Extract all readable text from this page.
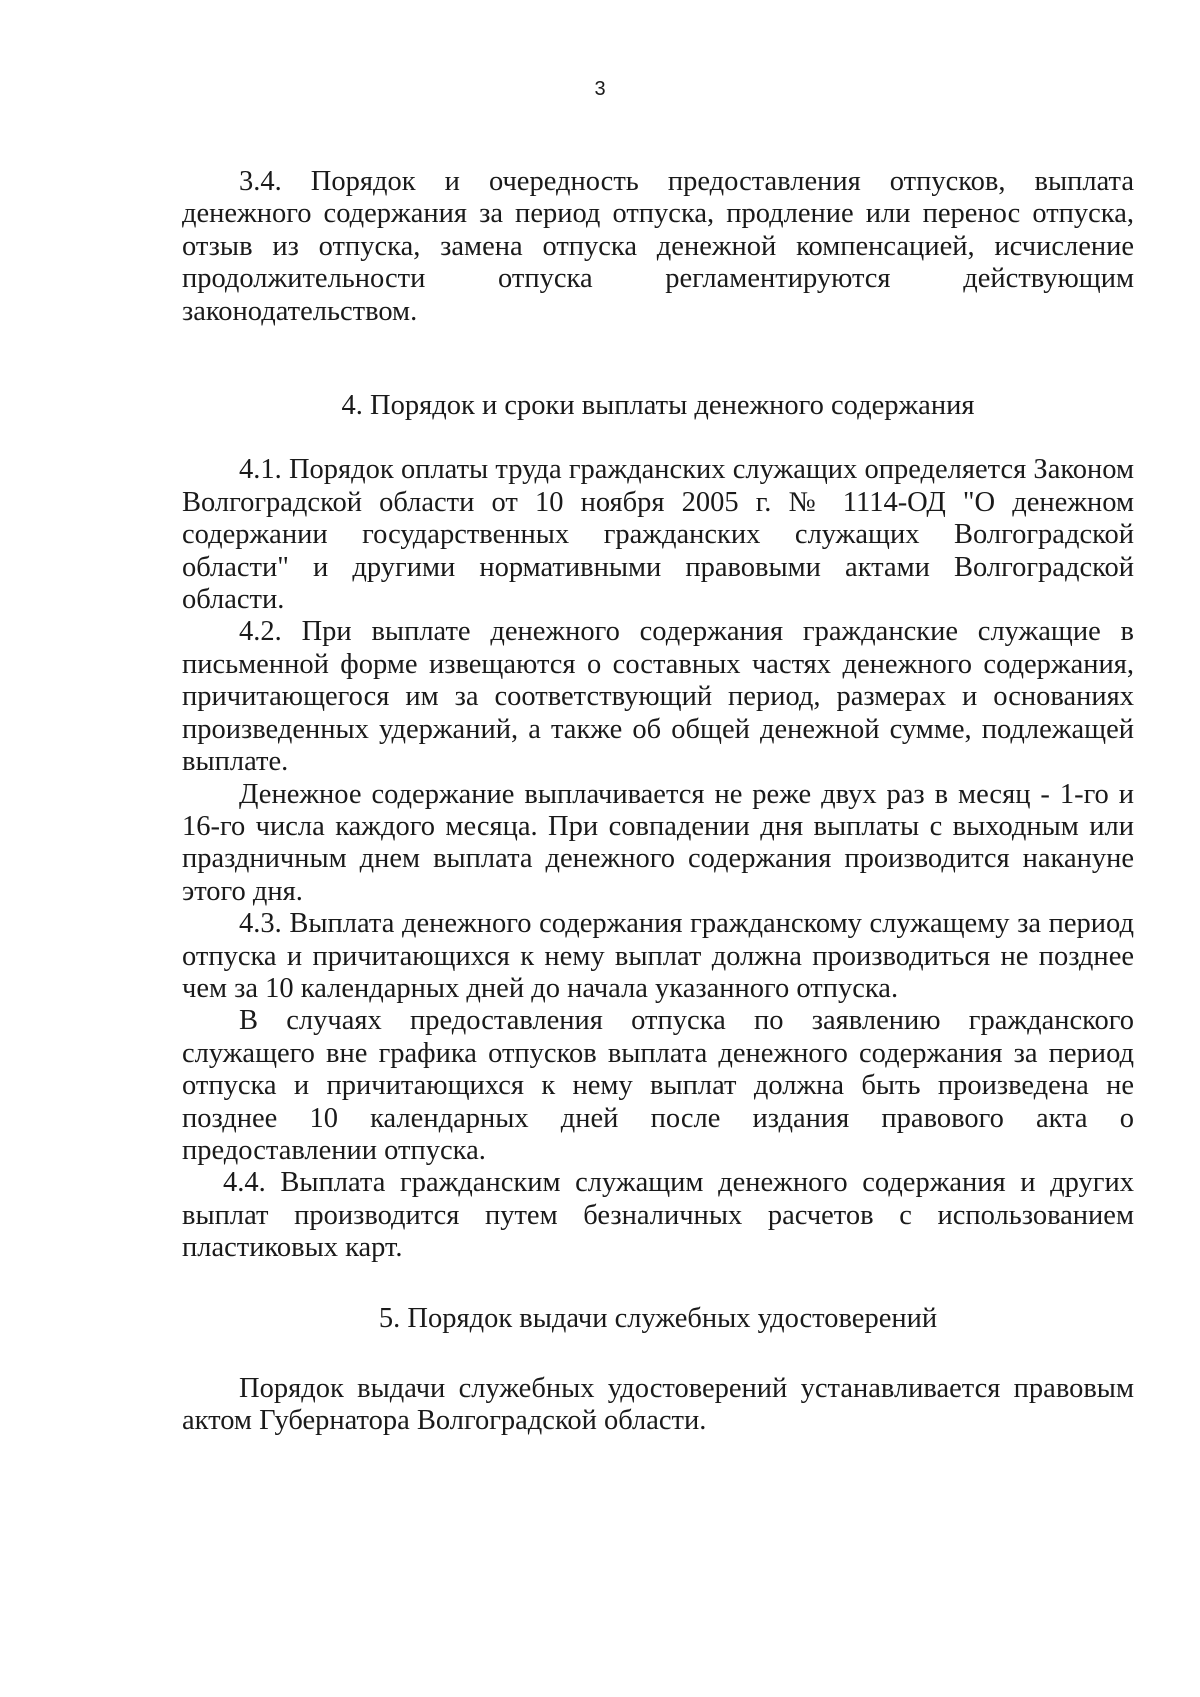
3

3.4. Порядок и очередность предоставления отпусков, выплата денежного содержания за период отпуска, продление или перенос отпуска, отзыв из отпуска, замена отпуска денежной компенсацией, исчисление продолжительности отпуска регламентируются действующим законодательством.

4. Порядок и сроки выплаты денежного содержания

4.1. Порядок оплаты труда гражданских служащих определяется Законом Волгоградской области от 10 ноября 2005 г. № 1114-ОД "О денежном содержании государственных гражданских служащих Волгоградской области" и другими нормативными правовыми актами Волгоградской области.

4.2. При выплате денежного содержания гражданские служащие в письменной форме извещаются о составных частях денежного содержания, причитающегося им за соответствующий период, размерах и основаниях произведенных удержаний, а также об общей денежной сумме, подлежащей выплате.

Денежное содержание выплачивается не реже двух раз в месяц - 1-го и 16-го числа каждого месяца. При совпадении дня выплаты с выходным или праздничным днем выплата денежного содержания производится накануне этого дня.

4.3. Выплата денежного содержания гражданскому служащему за период отпуска и причитающихся к нему выплат должна производиться не позднее чем за 10 календарных дней до начала указанного отпуска.

В случаях предоставления отпуска по заявлению гражданского служащего вне графика отпусков выплата денежного содержания за период отпуска и причитающихся к нему выплат должна быть произведена не позднее 10 календарных дней после издания правового акта о предоставлении отпуска.

4.4. Выплата гражданским служащим денежного содержания и других выплат производится путем безналичных расчетов с использованием пластиковых карт.

5. Порядок выдачи служебных удостоверений

Порядок выдачи служебных удостоверений устанавливается правовым актом Губернатора Волгоградской области.
